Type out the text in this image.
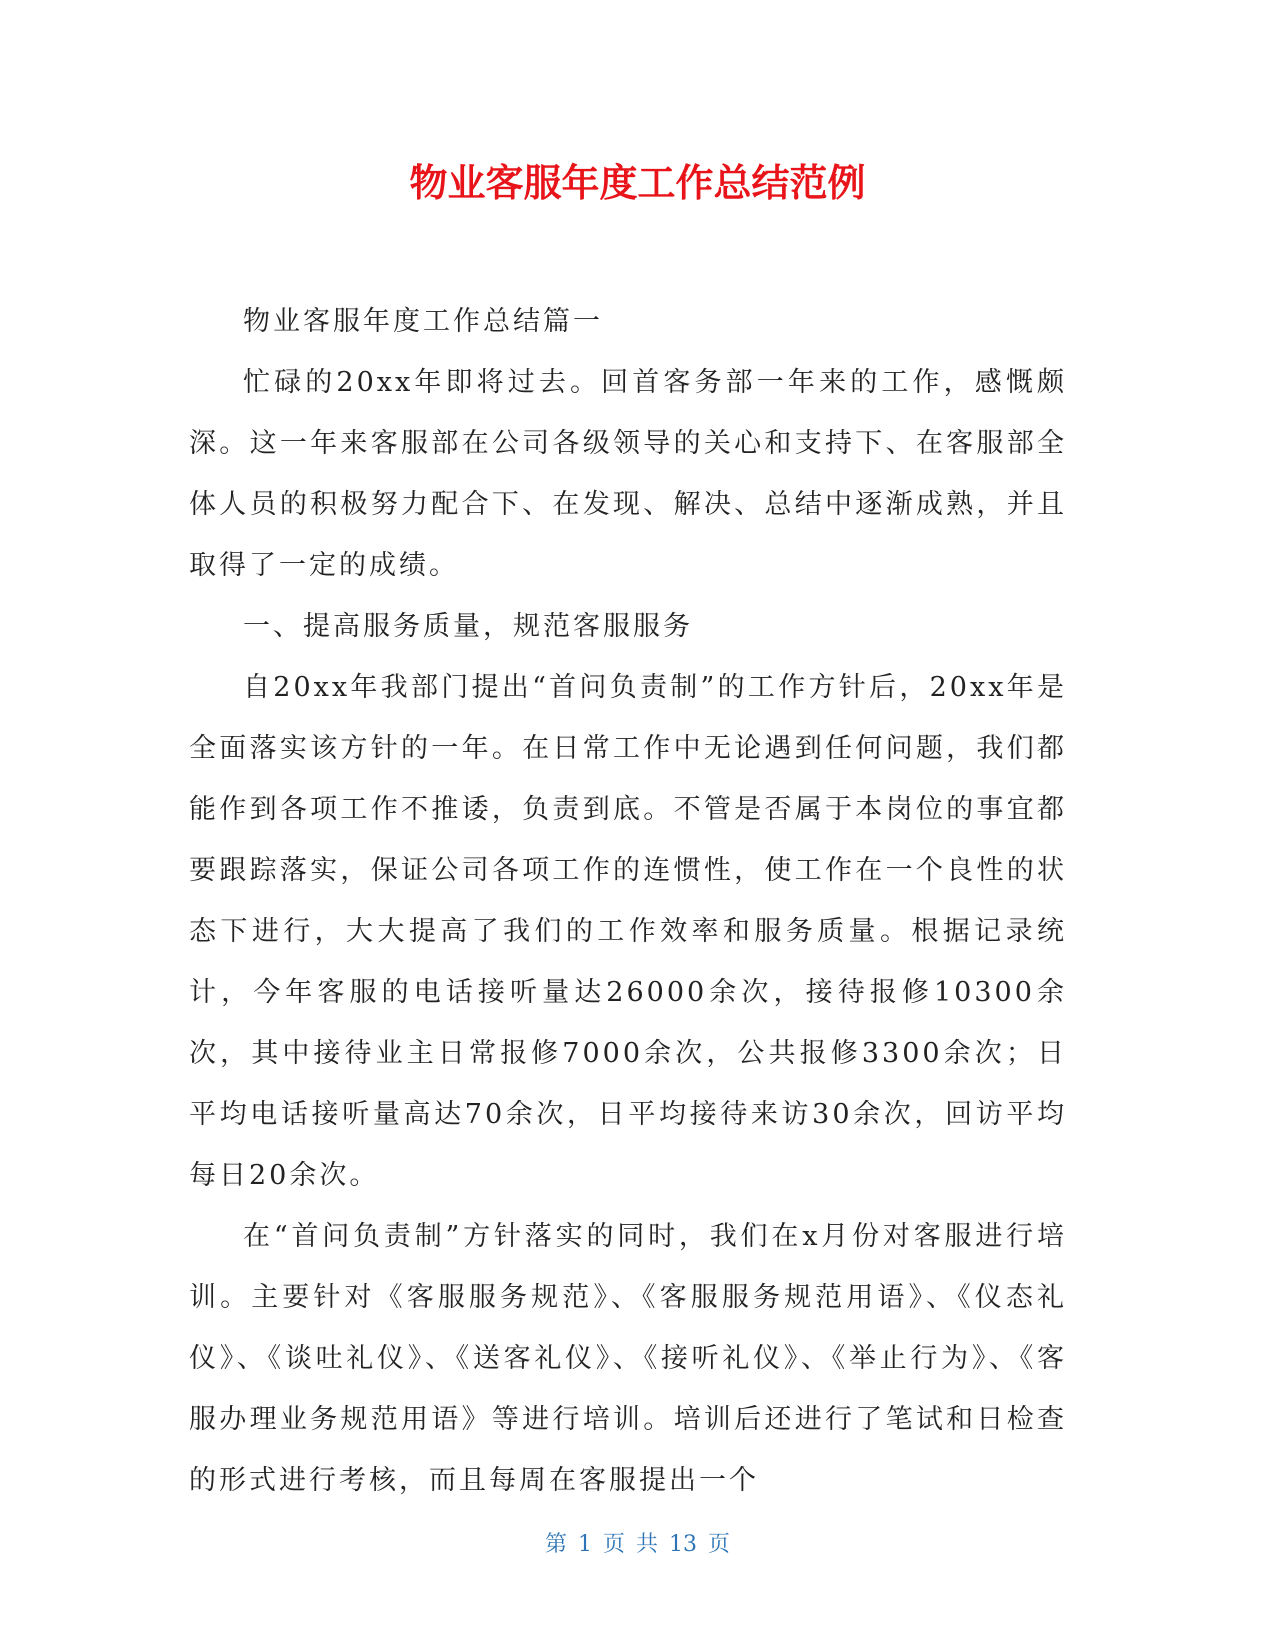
物业客服年度工作总结范例

物业客服年度工作总结篇一

忙碌的20xx年即将过去。回首客务部一年来的工作，感慨颇深。这一年来客服部在公司各级领导的关心和支持下、在客服部全体人员的积极努力配合下、在发现、解决、总结中逐渐成熟，并且取得了一定的成绩。

一、提高服务质量，规范客服服务

自20xx年我部门提出“首问负责制”的工作方针后，20xx年是全面落实该方针的一年。在日常工作中无论遇到任何问题，我们都能作到各项工作不推诿，负责到底。不管是否属于本岗位的事宜都要跟踪落实，保证公司各项工作的连惯性，使工作在一个良性的状态下进行，大大提高了我们的工作效率和服务质量。根据记录统计，今年客服的电话接听量达26000余次，接待报修10300余次，其中接待业主日常报修7000余次，公共报修3300余次；日平均电话接听量高达70余次，日平均接待来访30余次，回访平均每日20余次。

在“首问负责制”方针落实的同时，我们在x月份对客服进行培训。主要针对《客服服务规范》、《客服服务规范用语》、《仪态礼仪》、《谈吐礼仪》、《送客礼仪》、《接听礼仪》、《举止行为》、《客服办理业务规范用语》等进行培训。培训后还进行了笔试和日检查的形式进行考核，而且每周在客服提出一个

第 1 页 共 13 页
